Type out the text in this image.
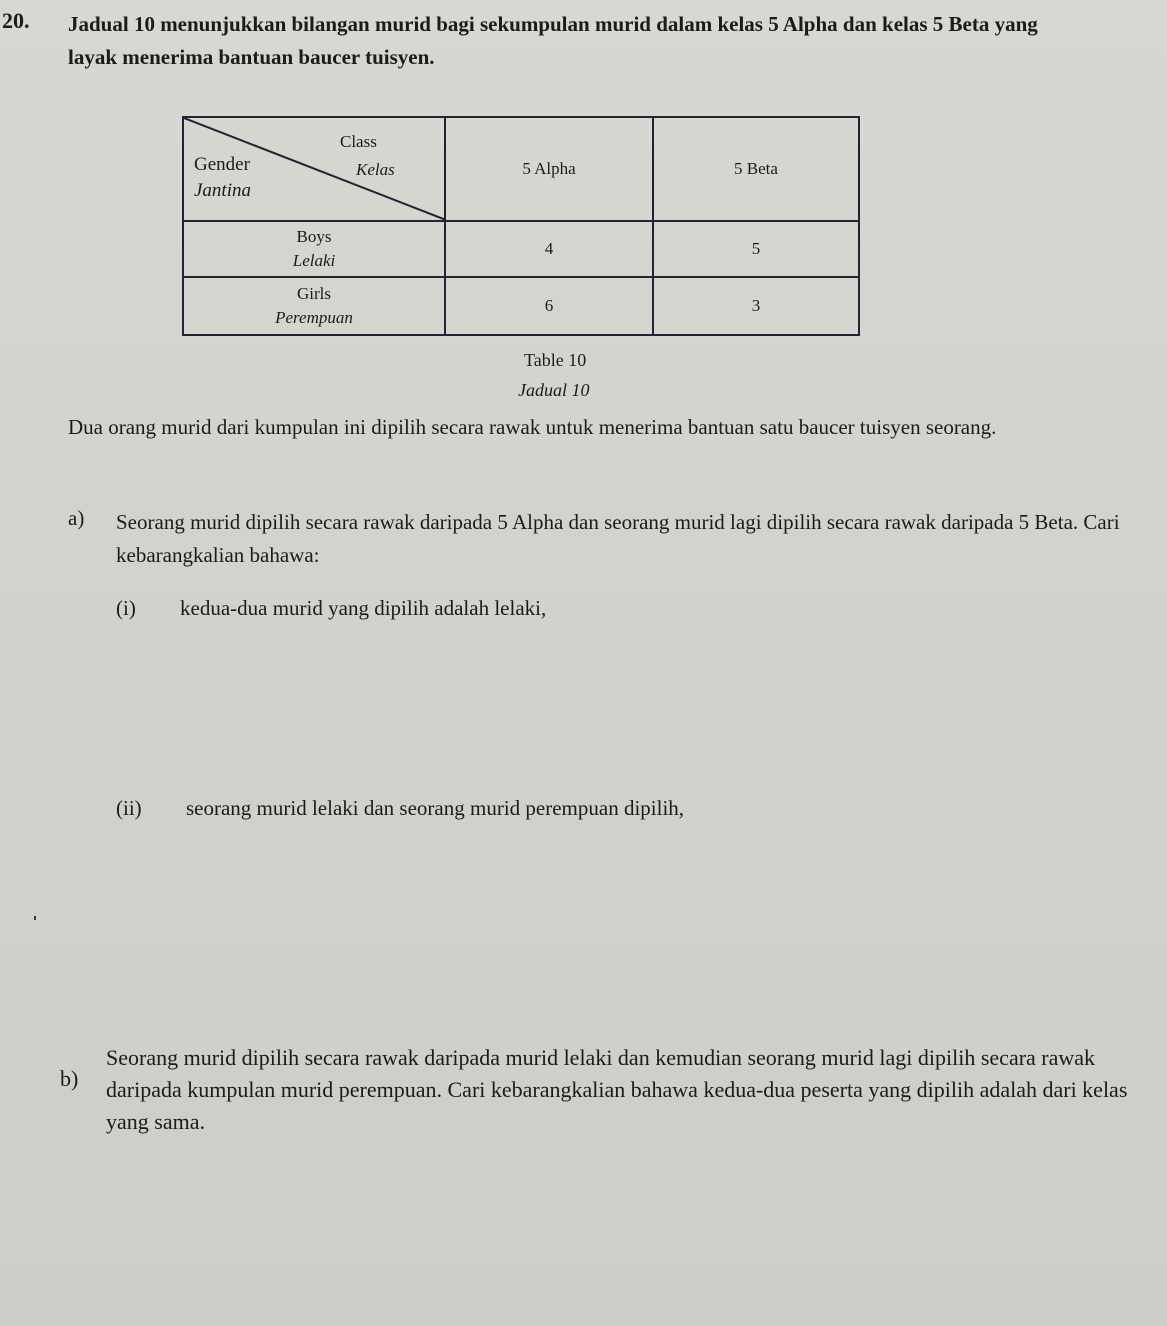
20. Jadual 10 menunjukkan bilangan murid bagi sekumpulan murid dalam kelas 5 Alpha dan kelas 5 Beta yang layak menerima bantuan baucer tuisyen.
Class
Kelas
Gender
Jantina	5 Alpha	5 Beta

Boys
Lelaki	4	5

Girls
Perempuan	6	3
Table 10
Jadual 10
Dua orang murid dari kumpulan ini dipilih secara rawak untuk menerima bantuan satu baucer tuisyen seorang.
a) Seorang murid dipilih secara rawak daripada 5 Alpha dan seorang murid lagi dipilih secara rawak daripada 5 Beta. Cari kebarangkalian bahawa:
(i) kedua-dua murid yang dipilih adalah lelaki,
(ii) seorang murid lelaki dan seorang murid perempuan dipilih,
b)
Seorang murid dipilih secara rawak daripada murid lelaki dan kemudian seorang murid lagi dipilih secara rawak daripada kumpulan murid perempuan. Cari kebarangkalian bahawa kedua-dua peserta yang dipilih adalah dari kelas yang sama.
